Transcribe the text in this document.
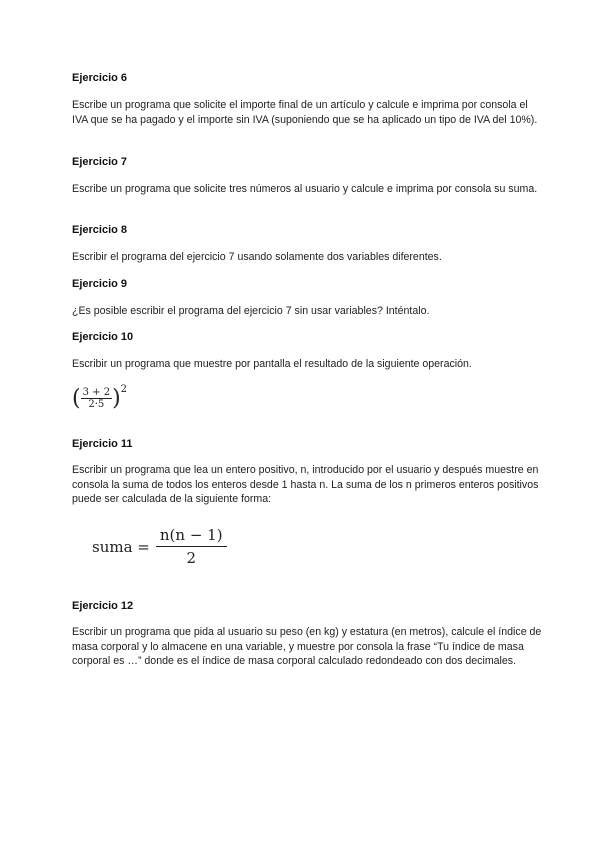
Ejercicio 6

Escribe un programa que solicite el importe final de un artículo y calcule e imprima por consola el IVA que se ha pagado y el importe sin IVA (suponiendo que se ha aplicado un tipo de IVA del 10%).

Ejercicio 7

Escribe un programa que solicite tres números al usuario y calcule e imprima por consola su suma.

Ejercicio 8

Escribir el programa del ejercicio 7 usando solamente dos variables diferentes.

Ejercicio 9

¿Es posible escribir el programa del ejercicio 7 sin usar variables? Inténtalo.

Ejercicio 10

Escribir un programa que muestre por pantalla el resultado de la siguiente operación.

( $\frac{3 + 2}{2\cdot 5} )^2$

Ejercicio 11

Escribir un programa que lea un entero positivo, n, introducido por el usuario y después muestre en consola la suma de todos los enteros desde 1 hasta n. La suma de los n primeros enteros positivos puede ser calculada de la siguiente forma:

suma = $\frac{n(n - 1)}{2}$

Ejercicio 12

Escribir un programa que pida al usuario su peso (en kg) y estatura (en metros), calcule el índice de masa corporal y lo almacene en una variable, y muestre por consola la frase “Tu índice de masa corporal es …” donde es el índice de masa corporal calculado redondeado con dos decimales.
